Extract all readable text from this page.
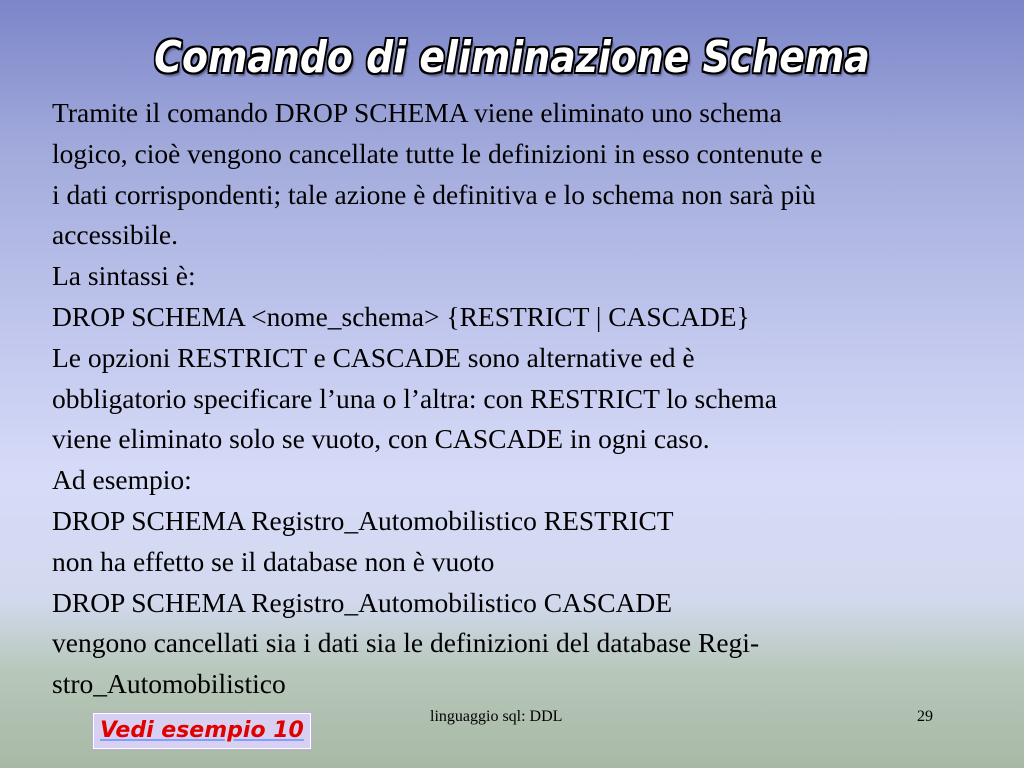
Comando di eliminazione Schema
Tramite il comando DROP SCHEMA viene eliminato uno schema
logico, cioè vengono cancellate tutte le definizioni in esso contenute e
i dati corrispondenti; tale azione è definitiva e lo schema non sarà più
accessibile.
La sintassi è:
DROP SCHEMA <nome_schema> {RESTRICT | CASCADE}
Le opzioni RESTRICT e CASCADE sono alternative ed è
obbligatorio specificare l’una o l’altra: con RESTRICT lo schema
viene eliminato solo se vuoto, con CASCADE in ogni caso.
Ad esempio:
DROP SCHEMA Registro_Automobilistico RESTRICT
non ha effetto se il database non è vuoto
DROP SCHEMA Registro_Automobilistico CASCADE
vengono cancellati sia i dati sia le definizioni del database Regi-
stro_Automobilistico
Vedi esempio 10
linguaggio sql: DDL	29
